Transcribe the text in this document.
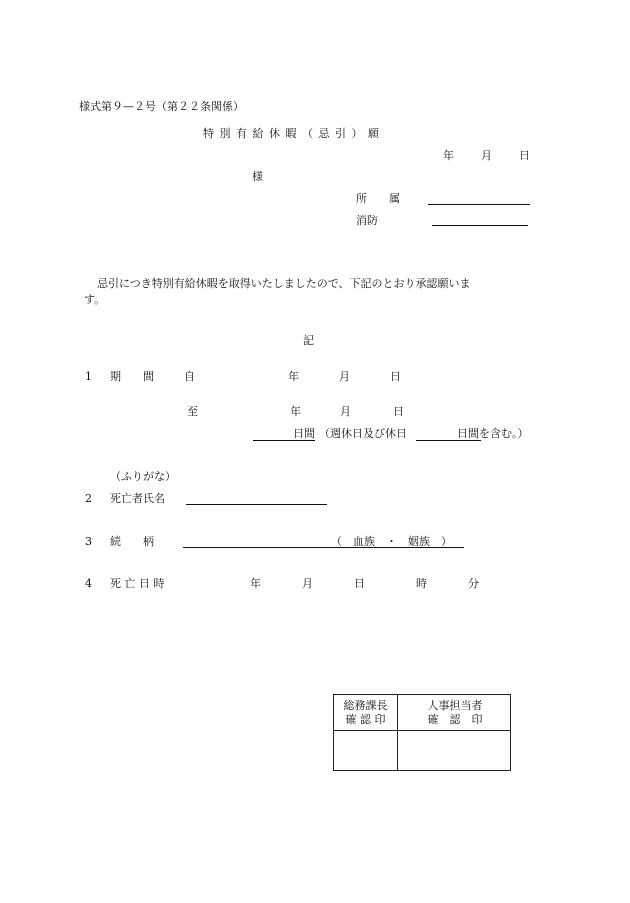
様式第９—２号（第２２条関係）
特 別 有 給 休 暇 （ 忌 引 ） 願
年 月 日
様
所　　属
消防
忌引につき特別有給休暇を取得いたしましたので、下記のとおり承認願いま
す。
記
1 期　　間	自	年	月	日
至	年	月	日
日間 （週休日及び休日	日間を含む。）
（ふりがな）
2 死亡者氏名
3 続　　柄	（　血族　・　姻族　）
4 死 亡 日 時	年	月	日	時	分
総務課長
確 認 印
人事担当者
確　認　印
